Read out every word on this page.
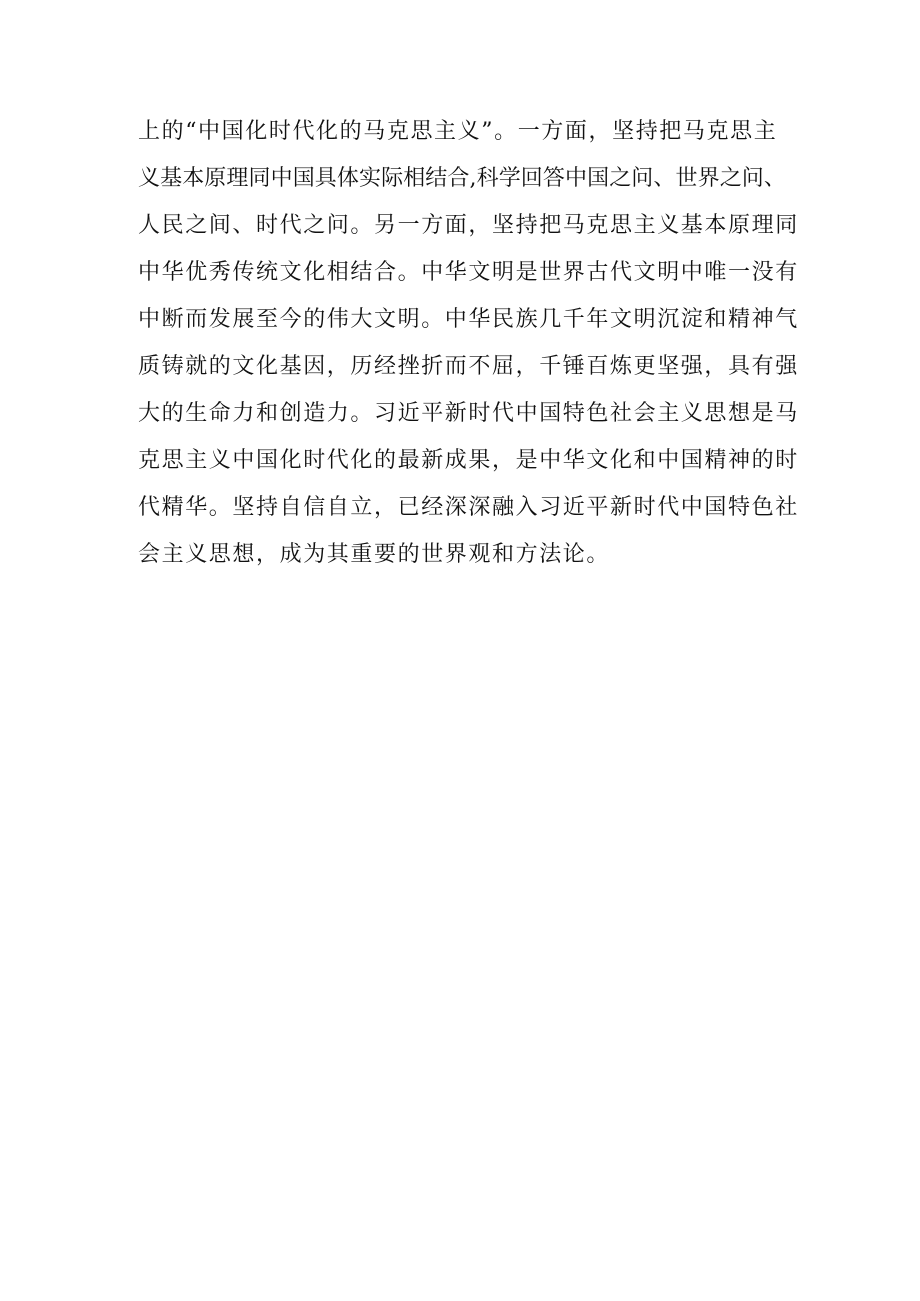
上的“中国化时代化的马克思主义”。一方面，坚持把马克思主
义基本原理同中国具体实际相结合,科学回答中国之问、世界之问、
人民之间、时代之问。另一方面，坚持把马克思主义基本原理同
中华优秀传统文化相结合。中华文明是世界古代文明中唯一没有
中断而发展至今的伟大文明。中华民族几千年文明沉淀和精神气
质铸就的文化基因，历经挫折而不屈，千锤百炼更坚强，具有强
大的生命力和创造力。习近平新时代中国特色社会主义思想是马
克思主义中国化时代化的最新成果，是中华文化和中国精神的时
代精华。坚持自信自立，已经深深融入习近平新时代中国特色社
会主义思想，成为其重要的世界观和方法论。
